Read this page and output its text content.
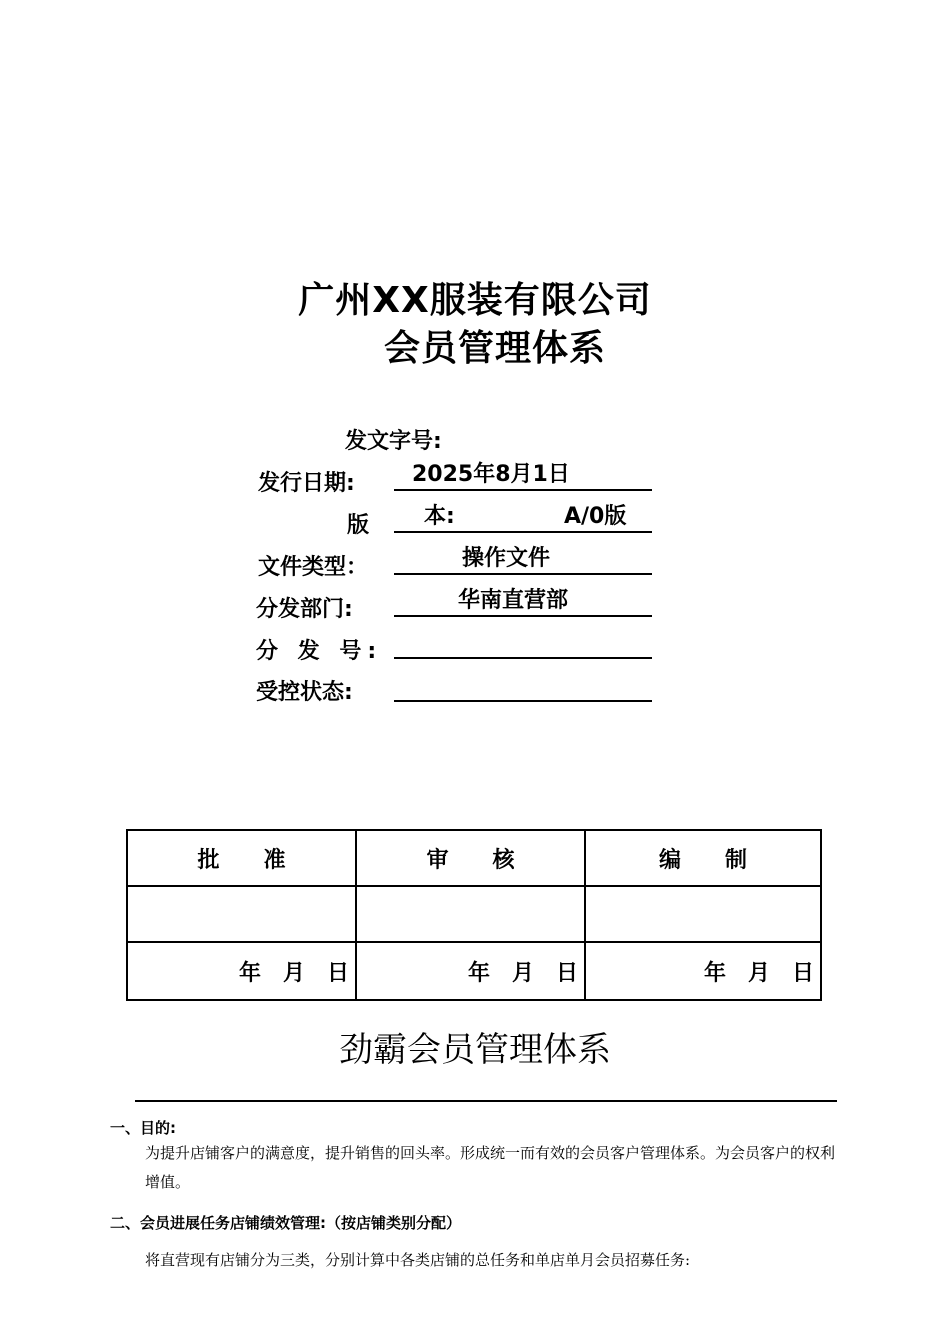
广州XX服装有限公司
会员管理体系
发文字号:
发行日期:	2025年8月1日
版 本:	A/0版
文件类型：	操作文件
分发部门:	华南直营部
分 发 号:
受控状态:
批　　准	审　　核	编　　制

年　月　日	年　月　日	年　月　日
劲霸会员管理体系
一、目的:
为提升店铺客户的满意度，提升销售的回头率。形成统一而有效的会员客户管理体系。为会员客户的权利增值。
二、会员进展任务店铺绩效管理:（按店铺类别分配）
将直营现有店铺分为三类，分别计算中各类店铺的总任务和单店单月会员招募任务:
